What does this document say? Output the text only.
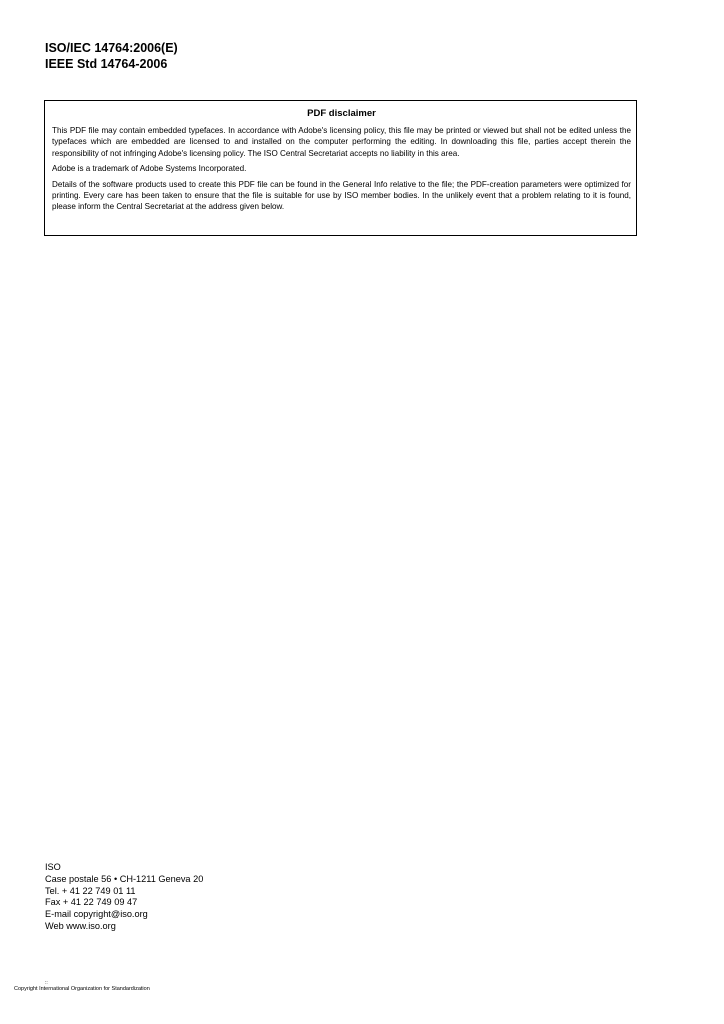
ISO/IEC 14764:2006(E)
IEEE Std 14764-2006
PDF disclaimer

This PDF file may contain embedded typefaces. In accordance with Adobe's licensing policy, this file may be printed or viewed but shall not be edited unless the typefaces which are embedded are licensed to and installed on the computer performing the editing. In downloading this file, parties accept therein the responsibility of not infringing Adobe's licensing policy. The ISO Central Secretariat accepts no liability in this area.

Adobe is a trademark of Adobe Systems Incorporated.

Details of the software products used to create this PDF file can be found in the General Info relative to the file; the PDF-creation parameters were optimized for printing. Every care has been taken to ensure that the file is suitable for use by ISO member bodies. In the unlikely event that a problem relating to it is found, please inform the Central Secretariat at the address given below.

ISO
Case postale 56 • CH-1211 Geneva 20
Tel. + 41 22 749 01 11
Fax + 41 22 749 09 47
E-mail copyright@iso.org
Web www.iso.org
::
Copyright International Organization for Standardization
